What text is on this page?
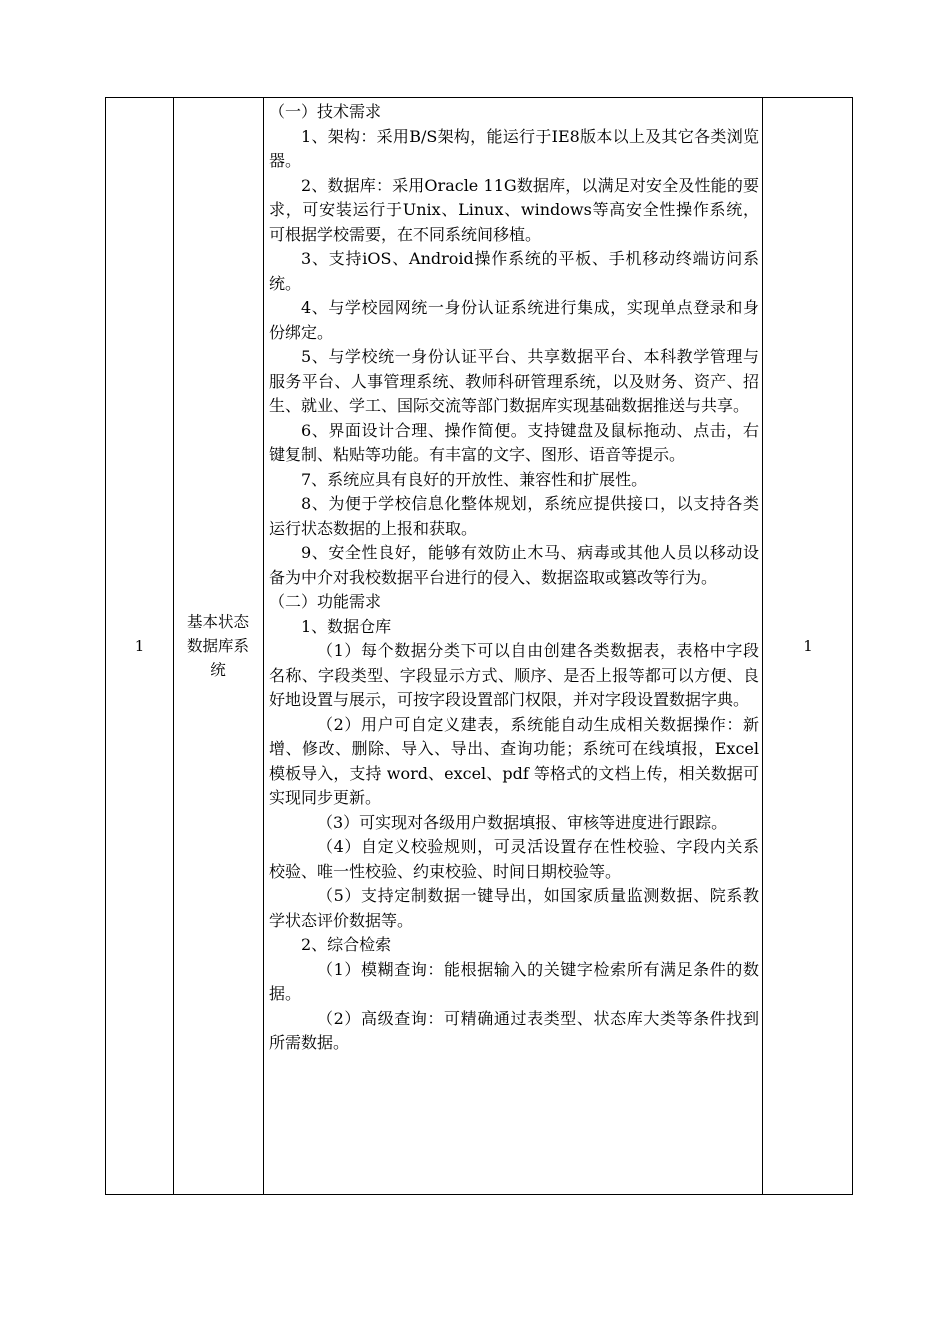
1
基本状态数据库系统

（一）技术需求

1、架构：采用B/S架构，能运行于IE8版本以上及其它各类浏览器。

2、数据库：采用Oracle 11G数据库，以满足对安全及性能的要求，可安装运行于Unix、Linux、windows等高安全性操作系统，可根据学校需要，在不同系统间移植。

3、支持iOS、Android操作系统的平板、手机移动终端访问系统。

4、与学校园网统一身份认证系统进行集成，实现单点登录和身份绑定。

5、与学校统一身份认证平台、共享数据平台、本科教学管理与服务平台、人事管理系统、教师科研管理系统，以及财务、资产、招生、就业、学工、国际交流等部门数据库实现基础数据推送与共享。

6、界面设计合理、操作简便。支持键盘及鼠标拖动、点击，右键复制、粘贴等功能。有丰富的文字、图形、语音等提示。

7、系统应具有良好的开放性、兼容性和扩展性。

8、为便于学校信息化整体规划，系统应提供接口，以支持各类运行状态数据的上报和获取。

9、安全性良好，能够有效防止木马、病毒或其他人员以移动设备为中介对我校数据平台进行的侵入、数据盗取或篡改等行为。

（二）功能需求

1、数据仓库

（1）每个数据分类下可以自由创建各类数据表，表格中字段名称、字段类型、字段显示方式、顺序、是否上报等都可以方便、良好地设置与展示，可按字段设置部门权限，并对字段设置数据字典。

（2）用户可自定义建表，系统能自动生成相关数据操作：新增、修改、删除、导入、导出、查询功能；系统可在线填报，Excel 模板导入，支持 word、excel、pdf 等格式的文档上传，相关数据可实现同步更新。

（3）可实现对各级用户数据填报、审核等进度进行跟踪。

（4）自定义校验规则，可灵活设置存在性校验、字段内关系校验、唯一性校验、约束校验、时间日期校验等。

（5）支持定制数据一键导出，如国家质量监测数据、院系教学状态评价数据等。

2、综合检索

（1）模糊查询：能根据输入的关键字检索所有满足条件的数据。

（2）高级查询：可精确通过表类型、状态库大类等条件找到所需数据。

1
